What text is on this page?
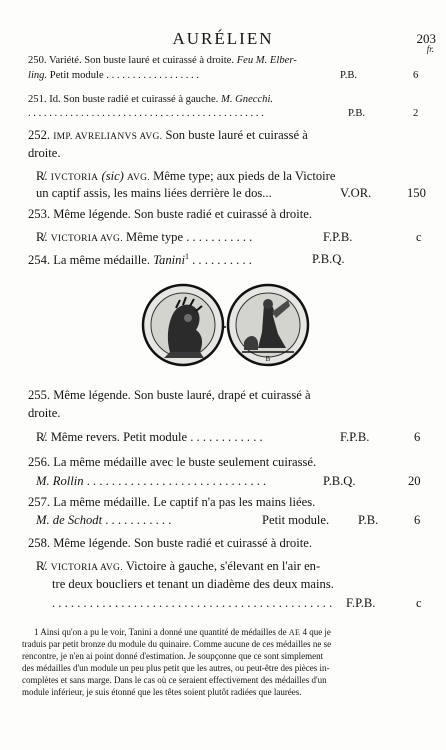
AURÉLIEN	203
fr.
250. Variété. Son buste lauré et cuirassé à droite. Feu M. Elber-
ling. Petit module . . . . . . . . . . . . . . . . . .	P.B.	6
251. Id. Son buste radié et cuirassé à gauche. M. Gnecchi.
. . . . . . . . . . . . . . . . . . . . . . . . . . . . . . . . . . . . . . . . . . . . .	P.B.	2
252. IMP. AVRELIANVS AVG. Son buste lauré et cuirassé à
droite.
R̸. IVCTORIA (sic) AVG. Même type; aux pieds de la Victoire
un captif assis, les mains liées derrière le dos...	V.OR.	150
253. Même légende. Son buste radié et cuirassé à droite.
R̸. VICTORIA AVG. Même type . . . . . . . . . . .	F.P.B.	c
254. La même médaille. Tanini$^1$ . . . . . . . . . .	P.B.Q.
B
255. Même légende. Son buste lauré, drapé et cuirassé à
droite.
R̸. Même revers. Petit module . . . . . . . . . . . .	F.P.B.	6
256. La même médaille avec le buste seulement cuirassé.
M. Rollin . . . . . . . . . . . . . . . . . . . . . . . . . . . . .	P.B.Q.	20
257. La même médaille. Le captif n'a pas les mains liées.
M. de Schodt . . . . . . . . . . .	Petit module. P.B.	6
258. Même légende. Son buste radié et cuirassé à droite.
R̸. VICTORIA AVG. Victoire à gauche, s'élevant en l'air en-
tre deux boucliers et tenant un diadème des deux mains.
. . . . . . . . . . . . . . . . . . . . . . . . . . . . . . . . . . . . . . . . . . . . . F.P.B.	c
1 Ainsi qu'on a pu le voir, Tanini a donné une quantité de médailles de AE 4 que je
traduis par petit bronze du module du quinaire. Comme aucune de ces médailles ne se
rencontre, je n'en ai point donné d'estimation. Je soupçonne que ce sont simplement
des médailles d'un module un peu plus petit que les autres, ou peut-être des pièces in-
complètes et sans marge. Dans le cas où ce seraient effectivement des médailles d'un
module inférieur, je suis étonné que les têtes soient plutôt radiées que laurées.
